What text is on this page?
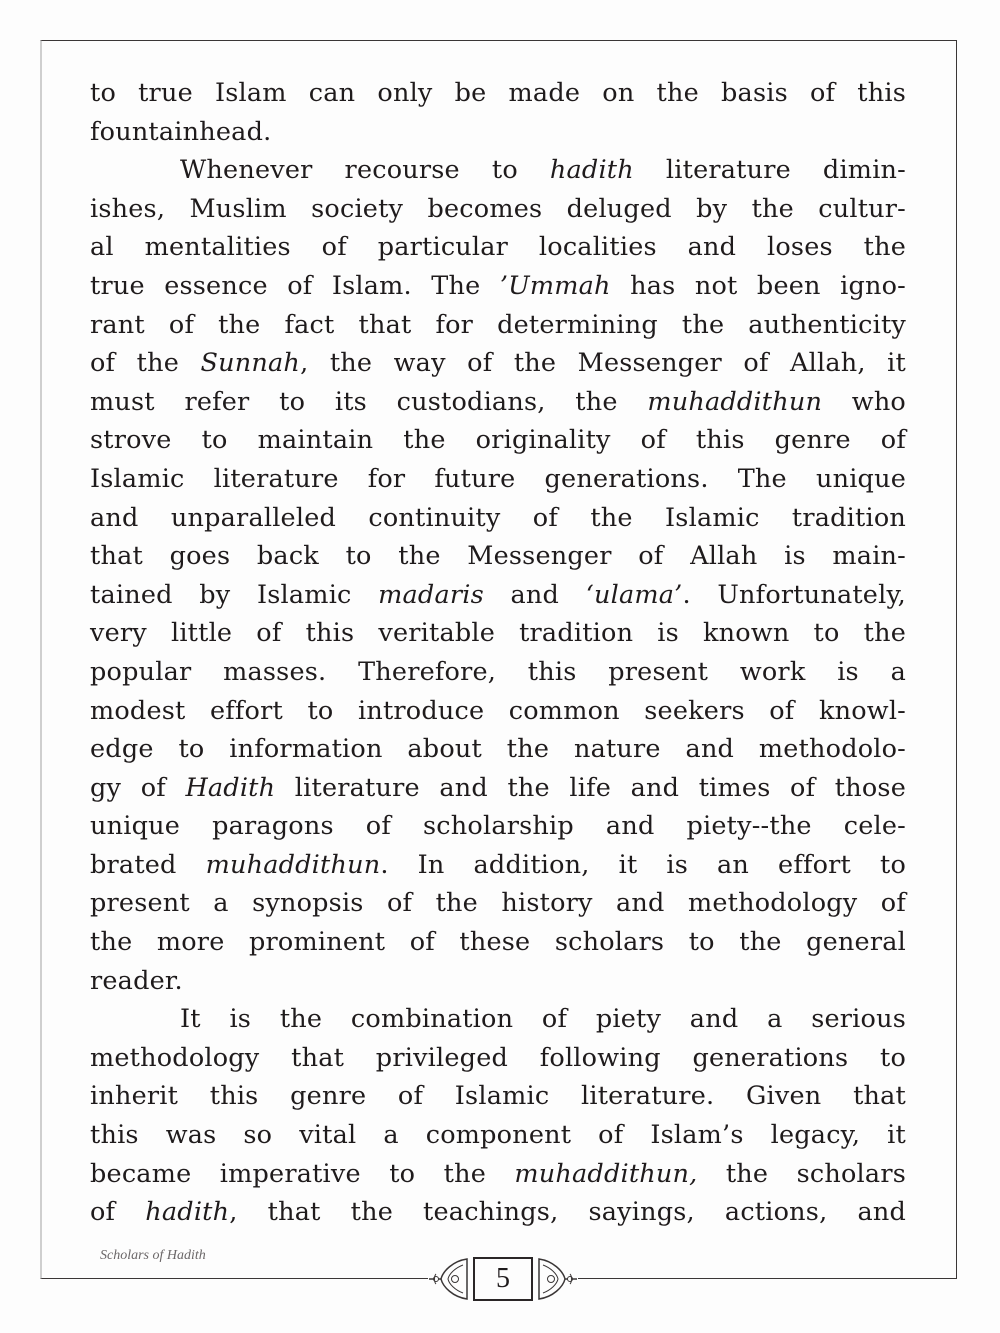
to true Islam can only be made on the basis of this
fountainhead.
Whenever recourse to hadith literature dimin-
ishes, Muslim society becomes deluged by the cultur-
al mentalities of particular localities and loses the
true essence of Islam. The ’Ummah has not been igno-
rant of the fact that for determining the authenticity
of the Sunnah, the way of the Messenger of Allah, it
must refer to its custodians, the muhaddithun who
strove to maintain the originality of this genre of
Islamic literature for future generations. The unique
and unparalleled continuity of the Islamic tradition
that goes back to the Messenger of Allah is main-
tained by Islamic madaris and ‘ulama’. Unfortunately,
very little of this veritable tradition is known to the
popular masses. Therefore, this present work is a
modest effort to introduce common seekers of knowl-
edge to information about the nature and methodolo-
gy of Hadith literature and the life and times of those
unique paragons of scholarship and piety--the cele-
brated muhaddithun. In addition, it is an effort to
present a synopsis of the history and methodology of
the more prominent of these scholars to the general
reader.
It is the combination of piety and a serious
methodology that privileged following generations to
inherit this genre of Islamic literature. Given that
this was so vital a component of Islam’s legacy, it
became imperative to the muhaddithun, the scholars
of hadith, that the teachings, sayings, actions, and
Scholars of Hadith
5
